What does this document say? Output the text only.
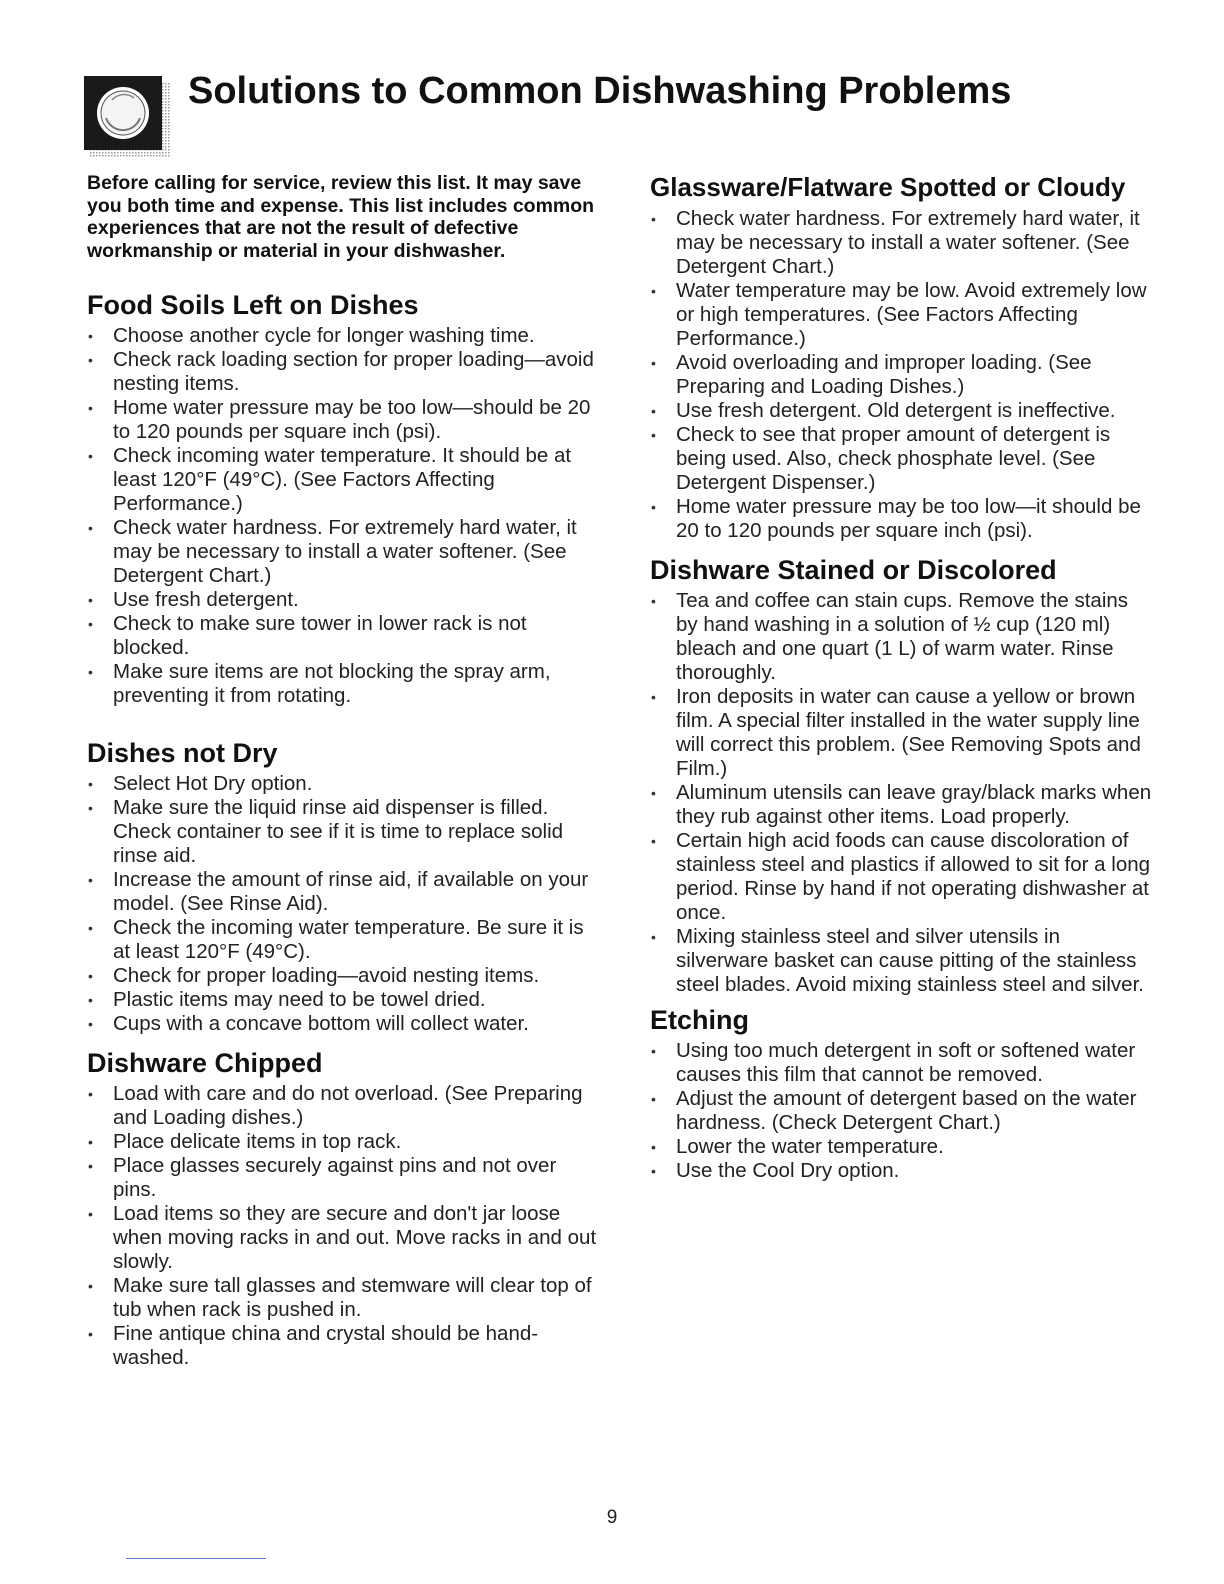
Solutions to Common Dishwashing Problems

Before calling for service, review this list. It may save you both time and expense. This list includes common experiences that are not the result of defective workmanship or material in your dishwasher.

Food Soils Left on Dishes
• Choose another cycle for longer washing time.
• Check rack loading section for proper loading—avoid nesting items.
• Home water pressure may be too low—should be 20 to 120 pounds per square inch (psi).
• Check incoming water temperature. It should be at least 120°F (49°C). (See Factors Affecting Performance.)
• Check water hardness. For extremely hard water, it may be necessary to install a water softener. (See Detergent Chart.)
• Use fresh detergent.
• Check to make sure tower in lower rack is not blocked.
• Make sure items are not blocking the spray arm, preventing it from rotating.
Dishes not Dry
• Select Hot Dry option.
• Make sure the liquid rinse aid dispenser is filled. Check container to see if it is time to replace solid rinse aid.
• Increase the amount of rinse aid, if available on your model. (See Rinse Aid).
• Check the incoming water temperature. Be sure it is at least 120°F (49°C).
• Check for proper loading—avoid nesting items.
• Plastic items may need to be towel dried.
• Cups with a concave bottom will collect water.
Dishware Chipped
• Load with care and do not overload. (See Preparing and Loading dishes.)
• Place delicate items in top rack.
• Place glasses securely against pins and not over pins.
• Load items so they are secure and don't jar loose when moving racks in and out. Move racks in and out slowly.
• Make sure tall glasses and stemware will clear top of tub when rack is pushed in.
• Fine antique china and crystal should be hand-washed.
Glassware/Flatware Spotted or Cloudy
• Check water hardness. For extremely hard water, it may be necessary to install a water softener. (See Detergent Chart.)
• Water temperature may be low. Avoid extremely low or high temperatures. (See Factors Affecting Performance.)
• Avoid overloading and improper loading. (See Preparing and Loading Dishes.)
• Use fresh detergent. Old detergent is ineffective.
• Check to see that proper amount of detergent is being used. Also, check phosphate level. (See Detergent Dispenser.)
• Home water pressure may be too low—it should be 20 to 120 pounds per square inch (psi).
Dishware Stained or Discolored
• Tea and coffee can stain cups. Remove the stains by hand washing in a solution of ½ cup (120 ml) bleach and one quart (1 L) of warm water. Rinse thoroughly.
• Iron deposits in water can cause a yellow or brown film. A special filter installed in the water supply line will correct this problem. (See Removing Spots and Film.)
• Aluminum utensils can leave gray/black marks when they rub against other items. Load properly.
• Certain high acid foods can cause discoloration of stainless steel and plastics if allowed to sit for a long period. Rinse by hand if not operating dishwasher at once.
• Mixing stainless steel and silver utensils in silverware basket can cause pitting of the stainless steel blades. Avoid mixing stainless steel and silver.
Etching
• Using too much detergent in soft or softened water causes this film that cannot be removed.
• Adjust the amount of detergent based on the water hardness. (Check Detergent Chart.)
• Lower the water temperature.
• Use the Cool Dry option.
9
